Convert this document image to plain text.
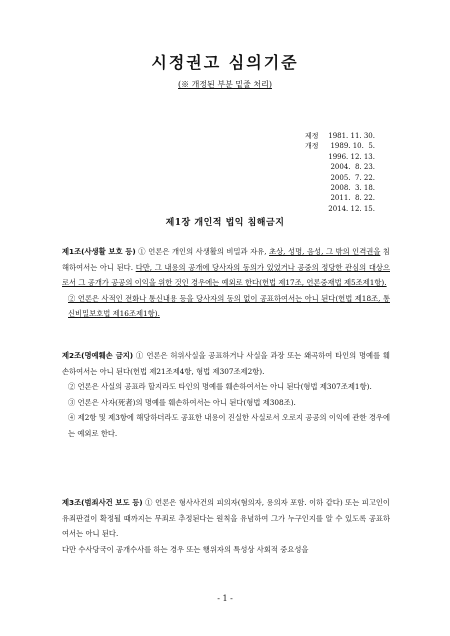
시정권고 심의기준
(※ 개정된 부분 밑줄 처리)
제정	1981. 11. 30.
개정	1989. 10.  5.
1996. 12. 13.
2004.  8. 23.
2005.  7. 22.
2008.  3. 18.
2011.  8. 22.
2014. 12. 15.
제1장 개인적 법익 침해금지

제1조(사생활 보호 등) ① 언론은 개인의 사생활의 비밀과 자유, 초상, 성명, 음성, 그 밖의 인격권을 침해하여서는 아니 된다. 다만, 그 내용의 공개에 당사자의 동의가 있었거나 공중의 정당한 관심의 대상으로서 그 공개가 공공의 이익을 위한 것인 경우에는 예외로 한다(헌법 제17조, 언론중재법 제5조제1항).

② 언론은 사적인 전화나 통신내용 등을 당사자의 동의 없이 공표하여서는 아니 된다(헌법 제18조, 통신비밀보호법 제16조제1항).

제2조(명예훼손 금지) ① 언론은 허위사실을 공표하거나 사실을 과장 또는 왜곡하여 타인의 명예를 훼손하여서는 아니 된다(헌법 제21조제4항, 형법 제307조제2항).

② 언론은 사실의 공표라 할지라도 타인의 명예를 훼손하여서는 아니 된다(형법 제307조제1항).

③ 언론은 사자(死者)의 명예를 훼손하여서는 아니 된다(형법 제308조).

④ 제2항 및 제3항에 해당하더라도 공표한 내용이 진실한 사실로서 오로지 공공의 이익에 관한 경우에는 예외로 한다.

제3조(범죄사건 보도 등) ① 언론은 형사사건의 피의자(혐의자, 용의자 포함. 이하 같다) 또는 피고인이 유죄판결이 확정될 때까지는 무죄로 추정된다는 원칙을 유념하여 그가 누구인지를 알 수 있도록 공표하여서는 아니 된다.

다만 수사당국이 공개수사를 하는 경우 또는 행위자의 특성상 사회적 중요성을

- 1 -
